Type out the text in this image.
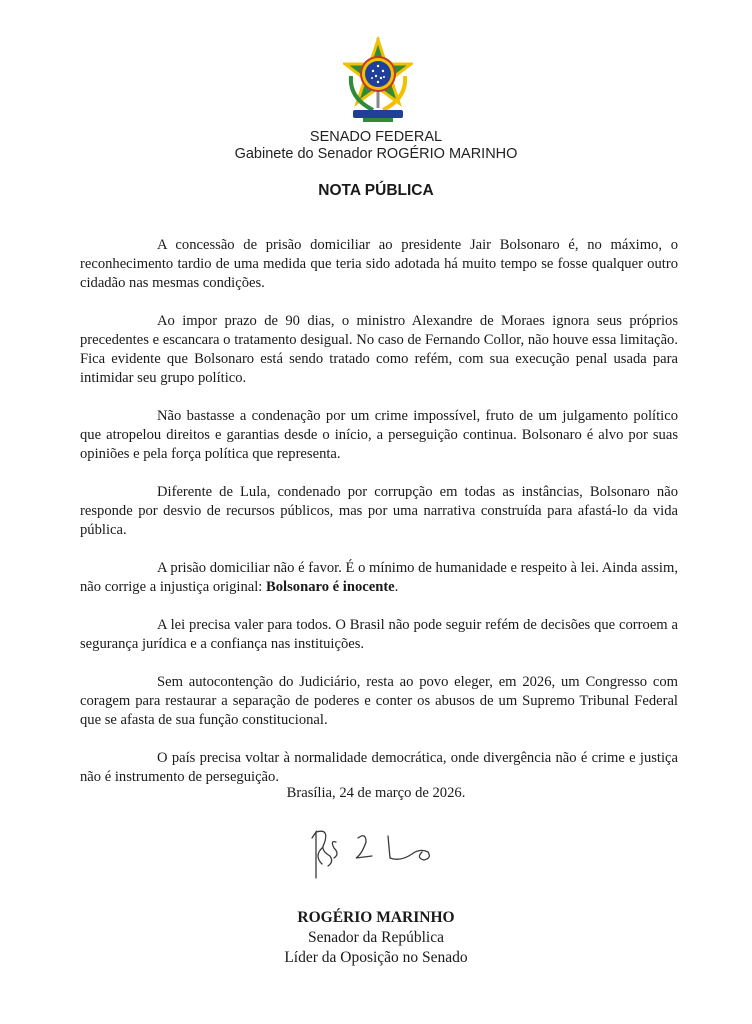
SENADO FEDERAL
Gabinete do Senador ROGÉRIO MARINHO
NOTA PÚBLICA

A concessão de prisão domiciliar ao presidente Jair Bolsonaro é, no máximo, o reconhecimento tardio de uma medida que teria sido adotada há muito tempo se fosse qualquer outro cidadão nas mesmas condições.

Ao impor prazo de 90 dias, o ministro Alexandre de Moraes ignora seus próprios precedentes e escancara o tratamento desigual. No caso de Fernando Collor, não houve essa limitação. Fica evidente que Bolsonaro está sendo tratado como refém, com sua execução penal usada para intimidar seu grupo político.

Não bastasse a condenação por um crime impossível, fruto de um julgamento político que atropelou direitos e garantias desde o início, a perseguição continua. Bolsonaro é alvo por suas opiniões e pela força política que representa.

Diferente de Lula, condenado por corrupção em todas as instâncias, Bolsonaro não responde por desvio de recursos públicos, mas por uma narrativa construída para afastá-lo da vida pública.

A prisão domiciliar não é favor. É o mínimo de humanidade e respeito à lei. Ainda assim, não corrige a injustiça original: Bolsonaro é inocente.

A lei precisa valer para todos. O Brasil não pode seguir refém de decisões que corroem a segurança jurídica e a confiança nas instituições.

Sem autocontenção do Judiciário, resta ao povo eleger, em 2026, um Congresso com coragem para restaurar a separação de poderes e conter os abusos de um Supremo Tribunal Federal que se afasta de sua função constitucional.

O país precisa voltar à normalidade democrática, onde divergência não é crime e justiça não é instrumento de perseguição.

Brasília, 24 de março de 2026.
ROGÉRIO MARINHO
Senador da República
Líder da Oposição no Senado
